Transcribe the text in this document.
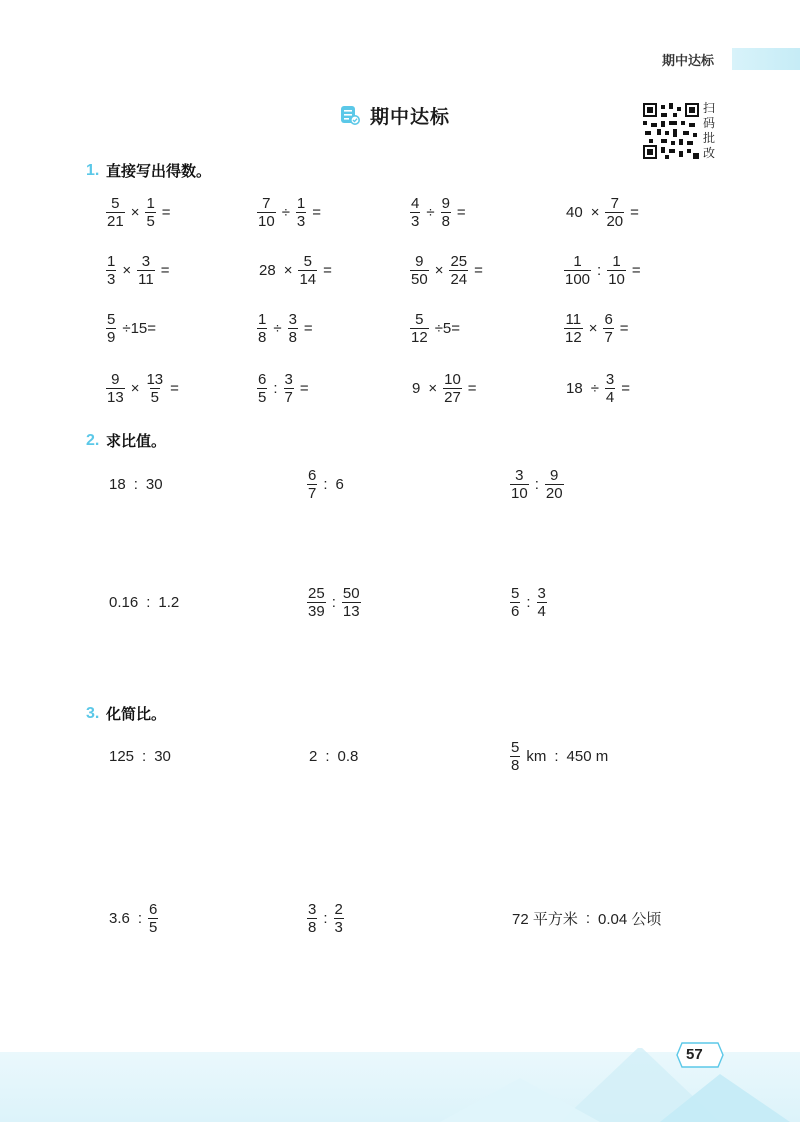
期中达标
期中达标	扫码批改
1. 直接写出得数。
$\frac{5}{21} \times \frac{1}{5}$ =	$\frac{7}{10} \div \frac{1}{3}$ =	$\frac{4}{3} \div \frac{9}{8}$ =	$40 \times \frac{7}{20}$ =
$\frac{1}{3} \times \frac{3}{11}$ =	$28 \times \frac{5}{14}$ =	$\frac{9}{50} \times \frac{25}{24}$ =	$\frac{1}{100}$ : $\frac{1}{10}$ =
$\frac{5}{9} \div 15=$	$\frac{1}{8} \div \frac{3}{8}$ =	$\frac{5}{12} \div 5=$	$\frac{11}{12} \times \frac{6}{7}$ =
$\frac{9}{13} \times \frac{13}{5}$ =	$\frac{6}{5}$ : $\frac{3}{7}$ =	$9 \times \frac{10}{27}$ =	$18 \div \frac{3}{4}$ =
2. 求比值。
18 : 30	$\frac{6}{7}$ : 6	$\frac{3}{10}$ : $\frac{9}{20}$
0.16 : 1.2	$\frac{25}{39}$ : $\frac{50}{13}$	$\frac{5}{6}$ : $\frac{3}{4}$
3. 化简比。
125 : 30	2 : 0.8	$\frac{5}{8}$ km : 450 m
3.6 : $\frac{6}{5}$	$\frac{3}{8}$ : $\frac{2}{3}$	72 平方米 : 0.04 公顷
57
